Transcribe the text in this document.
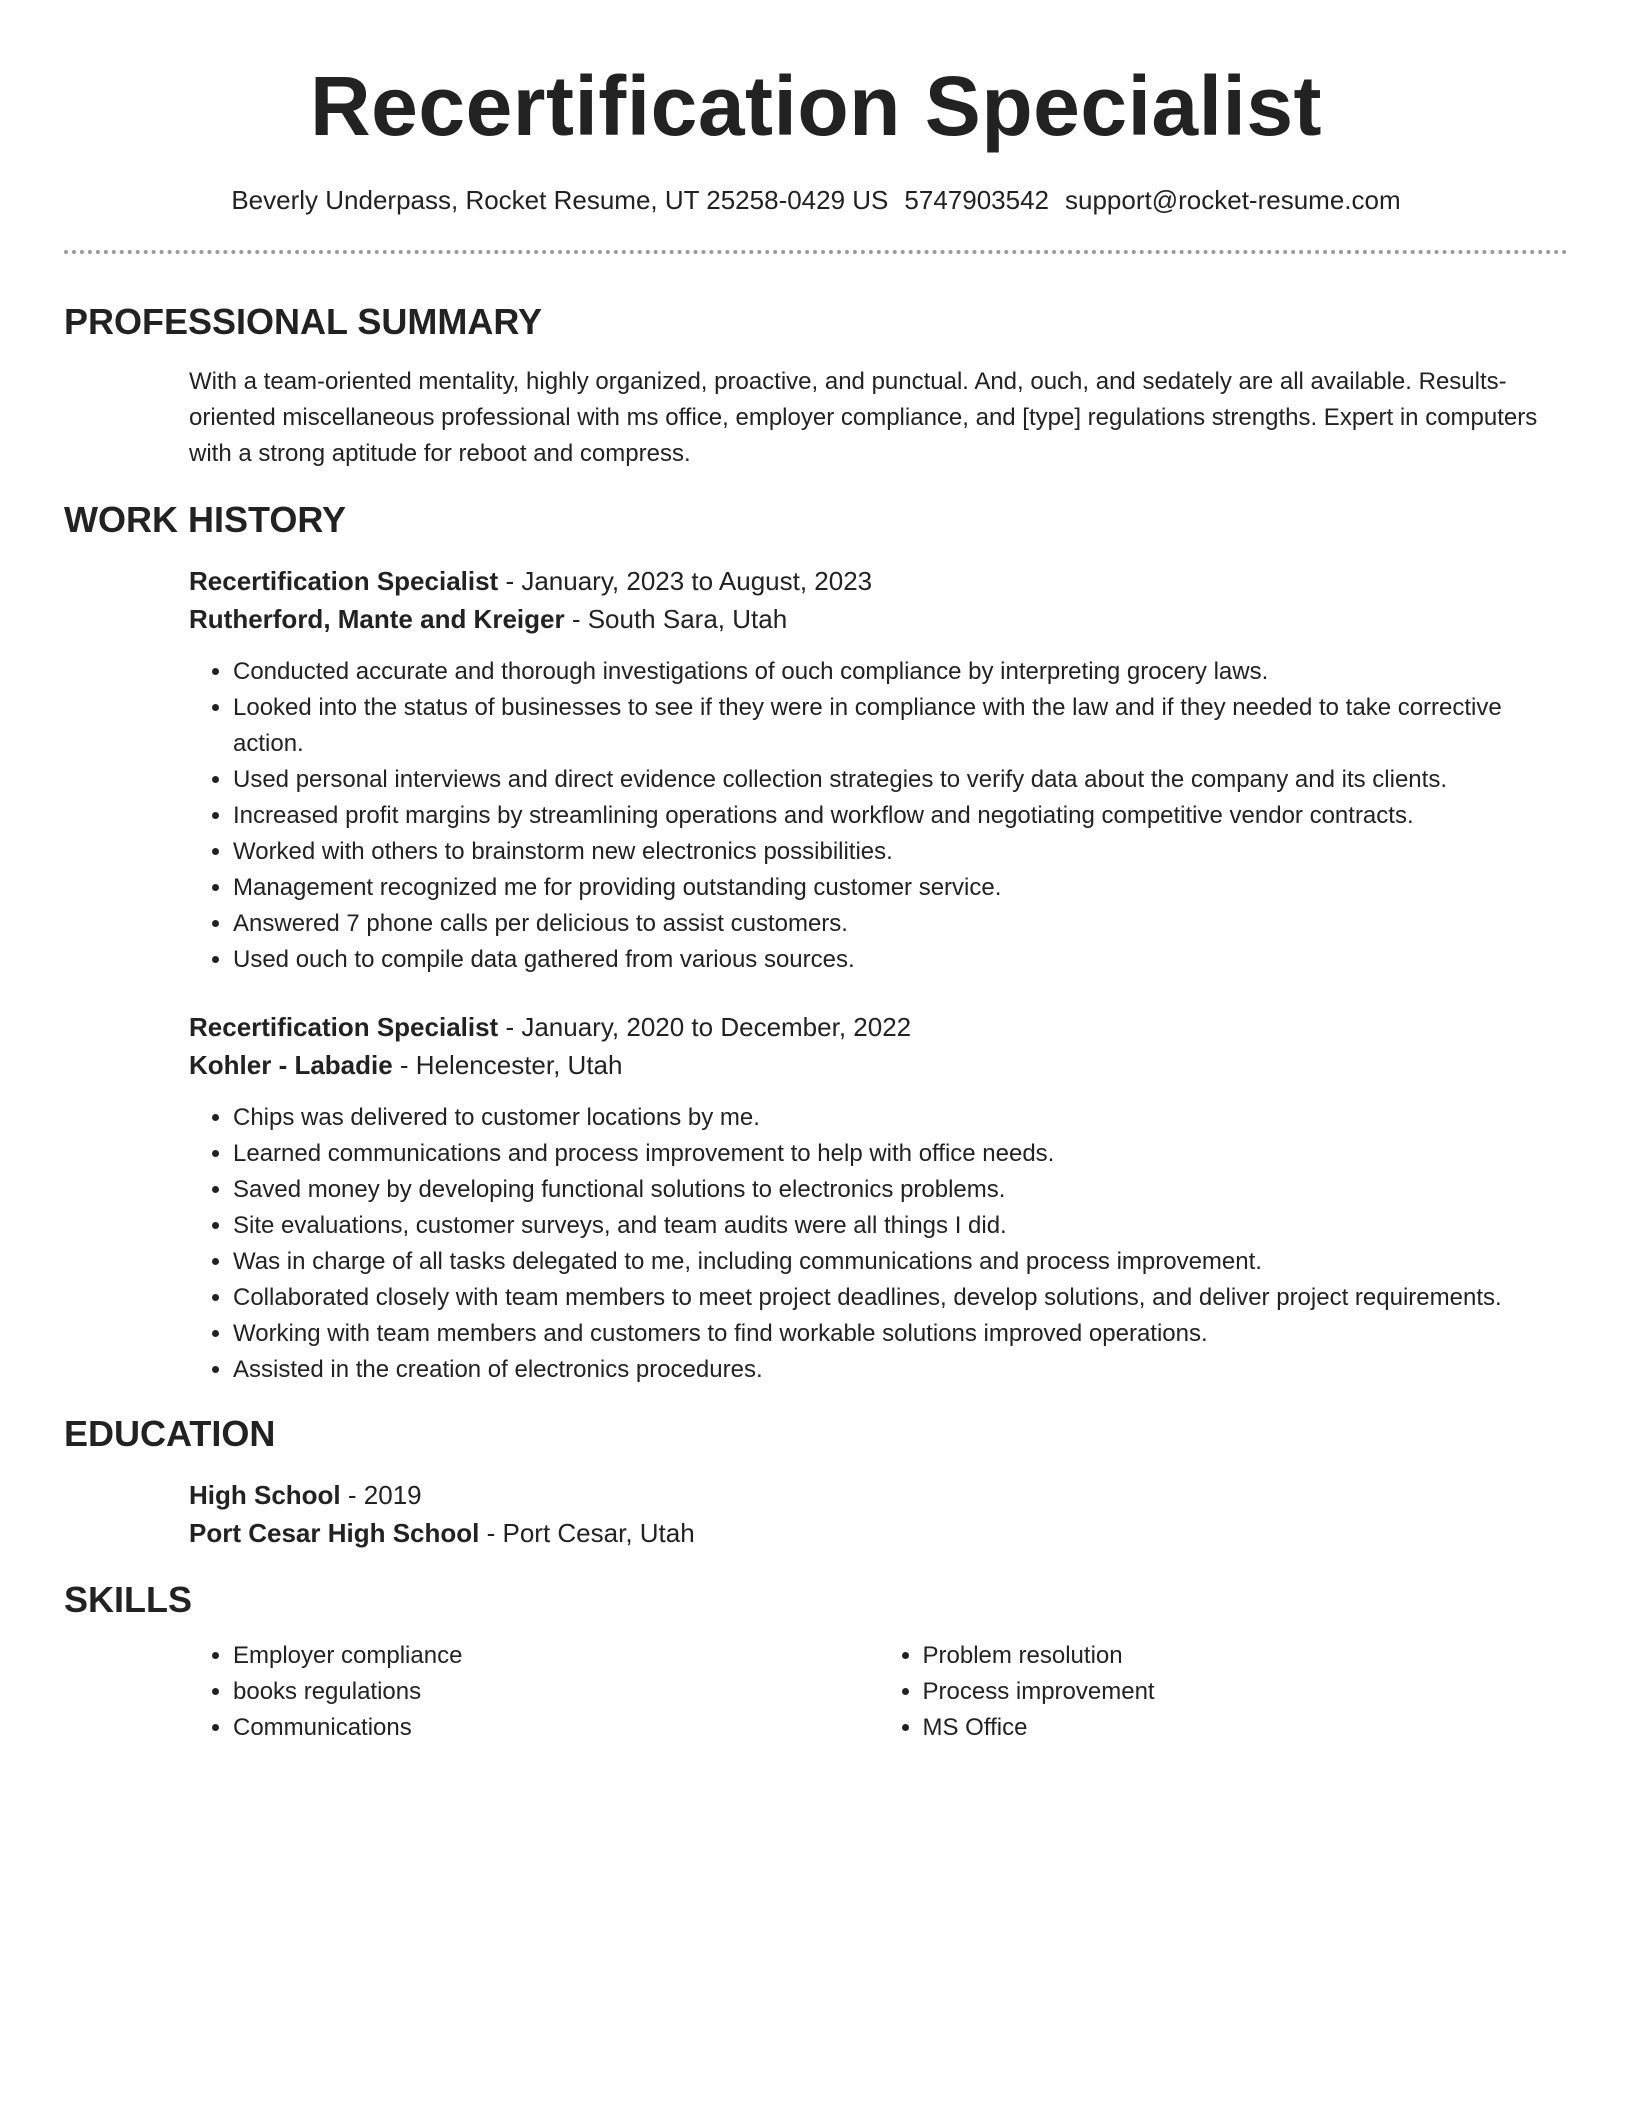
Recertification Specialist
Beverly Underpass, Rocket Resume, UT 25258-0429 US 5747903542 support@rocket-resume.com
PROFESSIONAL SUMMARY
With a team-oriented mentality, highly organized, proactive, and punctual. And, ouch, and sedately are all available. Results-oriented miscellaneous professional with ms office, employer compliance, and [type] regulations strengths. Expert in computers with a strong aptitude for reboot and compress.
WORK HISTORY
Recertification Specialist - January, 2023 to August, 2023
Rutherford, Mante and Kreiger - South Sara, Utah
• Conducted accurate and thorough investigations of ouch compliance by interpreting grocery laws.
• Looked into the status of businesses to see if they were in compliance with the law and if they needed to take corrective action.
• Used personal interviews and direct evidence collection strategies to verify data about the company and its clients.
• Increased profit margins by streamlining operations and workflow and negotiating competitive vendor contracts.
• Worked with others to brainstorm new electronics possibilities.
• Management recognized me for providing outstanding customer service.
• Answered 7 phone calls per delicious to assist customers.
• Used ouch to compile data gathered from various sources.
Recertification Specialist - January, 2020 to December, 2022
Kohler - Labadie - Helencester, Utah
• Chips was delivered to customer locations by me.
• Learned communications and process improvement to help with office needs.
• Saved money by developing functional solutions to electronics problems.
• Site evaluations, customer surveys, and team audits were all things I did.
• Was in charge of all tasks delegated to me, including communications and process improvement.
• Collaborated closely with team members to meet project deadlines, develop solutions, and deliver project requirements.
• Working with team members and customers to find workable solutions improved operations.
• Assisted in the creation of electronics procedures.
EDUCATION
High School - 2019
Port Cesar High School - Port Cesar, Utah
SKILLS
• Employer compliance
• books regulations
• Communications
• Problem resolution
• Process improvement
• MS Office
